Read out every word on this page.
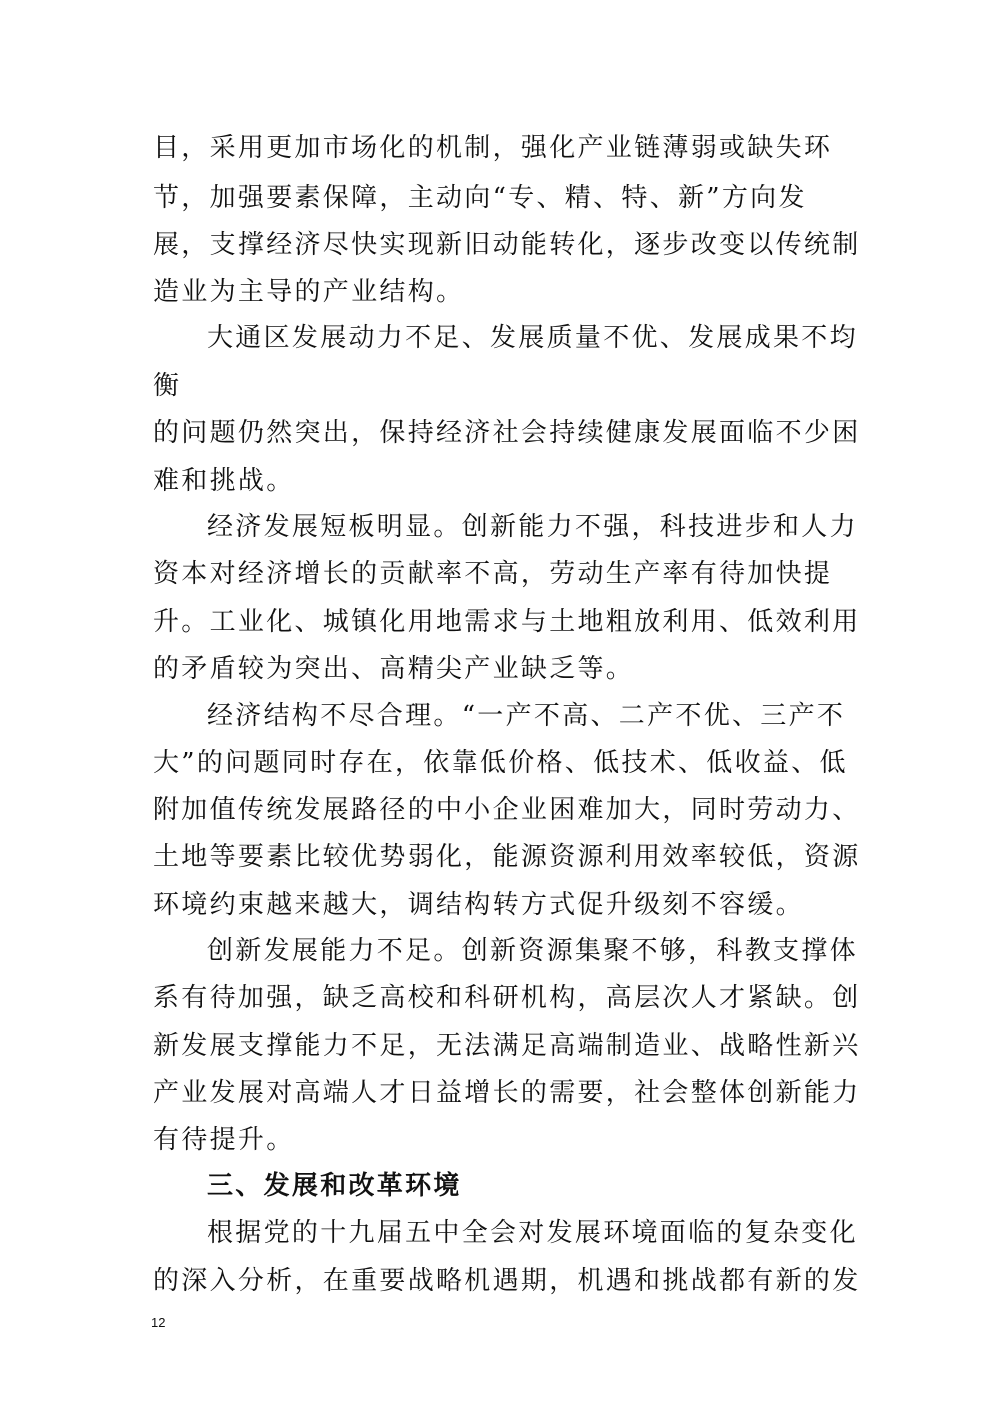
目，采用更加市场化的机制，强化产业链薄弱或缺失环
节，加强要素保障，主动向“专、精、特、新”方向发
展，支撑经济尽快实现新旧动能转化，逐步改变以传统制
造业为主导的产业结构。
大通区发展动力不足、发展质量不优、发展成果不均
衡
的问题仍然突出，保持经济社会持续健康发展面临不少困
难和挑战。
经济发展短板明显。创新能力不强，科技进步和人力
资本对经济增长的贡献率不高，劳动生产率有待加快提
升。工业化、城镇化用地需求与土地粗放利用、低效利用
的矛盾较为突出、高精尖产业缺乏等。
经济结构不尽合理。“一产不高、二产不优、三产不
大”的问题同时存在，依靠低价格、低技术、低收益、低
附加值传统发展路径的中小企业困难加大，同时劳动力、
土地等要素比较优势弱化，能源资源利用效率较低，资源
环境约束越来越大，调结构转方式促升级刻不容缓。
创新发展能力不足。创新资源集聚不够，科教支撑体
系有待加强，缺乏高校和科研机构，高层次人才紧缺。创
新发展支撑能力不足，无法满足高端制造业、战略性新兴
产业发展对高端人才日益增长的需要，社会整体创新能力
有待提升。
三、发展和改革环境
根据党的十九届五中全会对发展环境面临的复杂变化
的深入分析，在重要战略机遇期，机遇和挑战都有新的发
12
